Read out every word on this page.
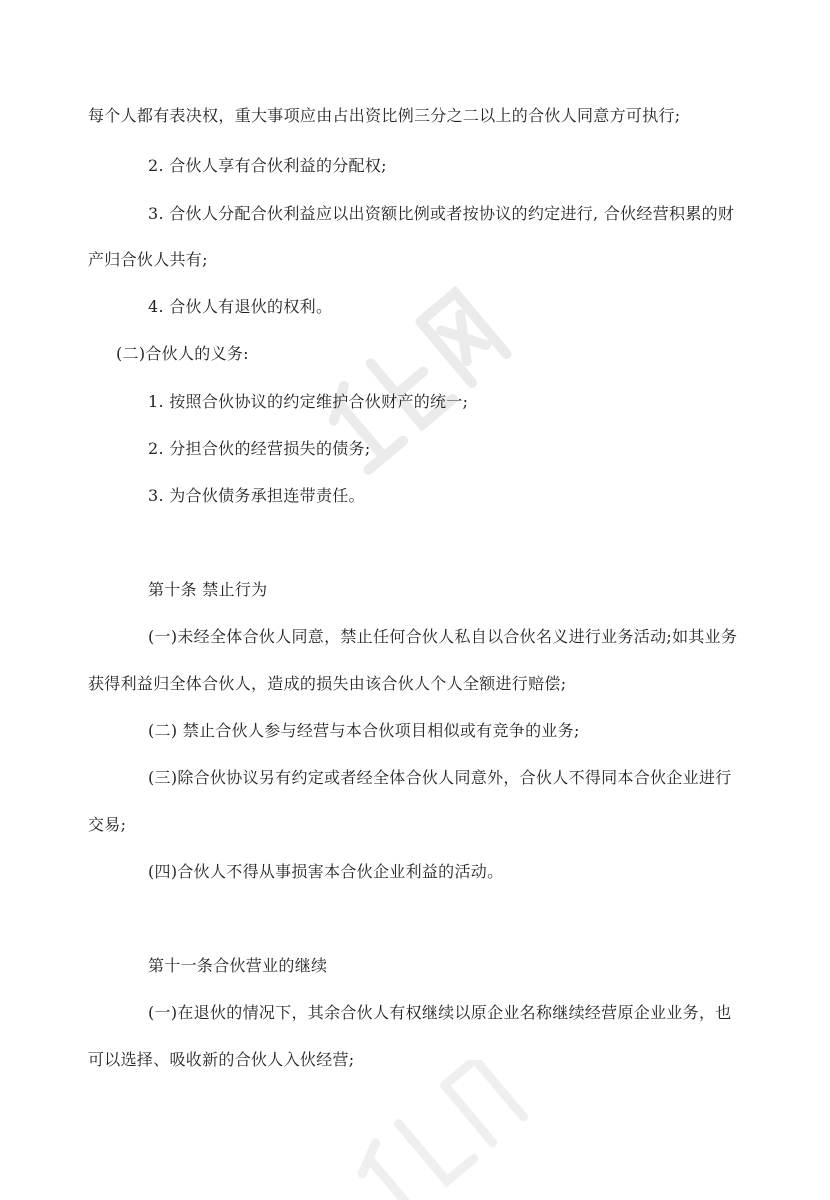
每个人都有表决权，重大事项应由占出资比例三分之二以上的合伙人同意方可执行;

2. 合伙人享有合伙利益的分配权;

3. 合伙人分配合伙利益应以出资额比例或者按协议的约定进行, 合伙经营积累的财

产归合伙人共有;

4. 合伙人有退伙的权利。

(二)合伙人的义务:

1. 按照合伙协议的约定维护合伙财产的统一;

2. 分担合伙的经营损失的债务;

3. 为合伙债务承担连带责任。

第十条 禁止行为

(一)未经全体合伙人同意，禁止任何合伙人私自以合伙名义进行业务活动;如其业务

获得利益归全体合伙人，造成的损失由该合伙人个人全额进行赔偿;

(二) 禁止合伙人参与经营与本合伙项目相似或有竞争的业务;

(三)除合伙协议另有约定或者经全体合伙人同意外，合伙人不得同本合伙企业进行

交易;

(四)合伙人不得从事损害本合伙企业利益的活动。

第十一条合伙营业的继续

(一)在退伙的情况下，其余合伙人有权继续以原企业名称继续经营原企业业务，也

可以选择、吸收新的合伙人入伙经营;
